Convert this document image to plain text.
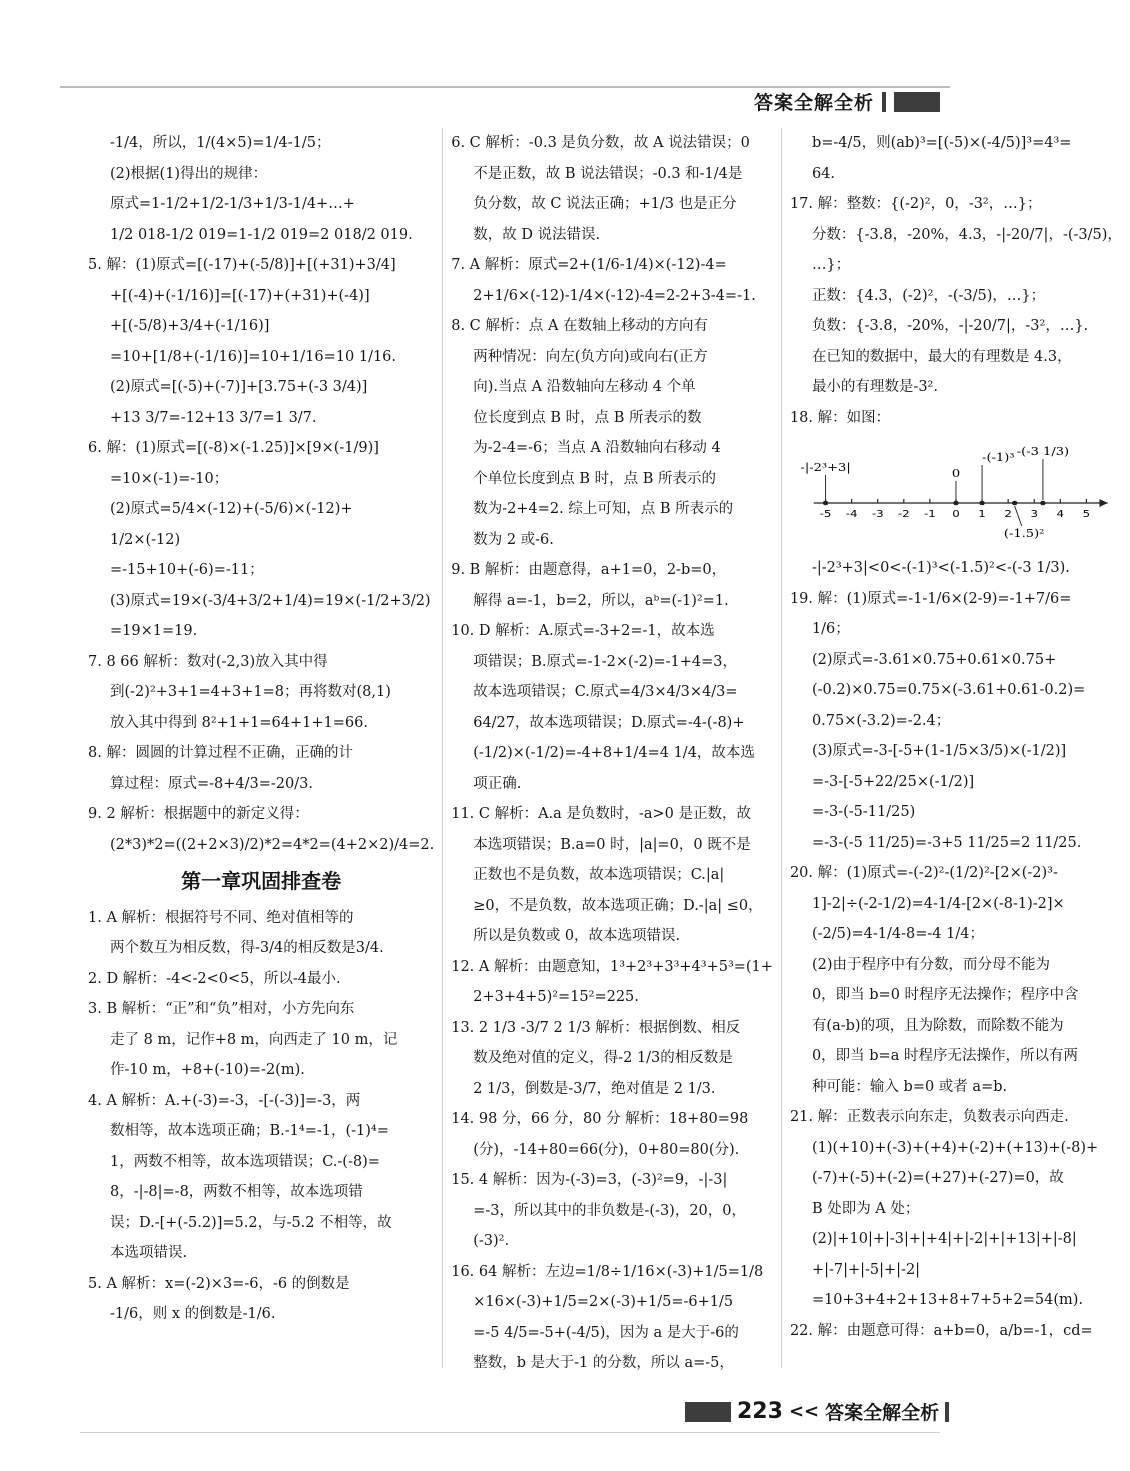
答案全解全析
-1/4，所以，1/(4×5)=1/4-1/5；
(2)根据(1)得出的规律：
原式=1-1/2+1/2-1/3+1/3-1/4+…+
1/2 018-1/2 019=1-1/2 019=2 018/2 019.
5. 解：(1)原式=[(-17)+(-5/8)]+[(+31)+3/4]
+[(-4)+(-1/16)]=[(-17)+(+31)+(-4)]
+[(-5/8)+3/4+(-1/16)]
=10+[1/8+(-1/16)]=10+1/16=10 1/16.
(2)原式=[(-5)+(-7)]+[3.75+(-3 3/4)]
+13 3/7=-12+13 3/7=1 3/7.
6. 解：(1)原式=[(-8)×(-1.25)]×[9×(-1/9)]
=10×(-1)=-10；
(2)原式=5/4×(-12)+(-5/6)×(-12)+
1/2×(-12)
=-15+10+(-6)=-11；
(3)原式=19×(-3/4+3/2+1/4)=19×(-1/2+3/2)
=19×1=19.
7. 8 66 解析：数对(-2,3)放入其中得
到(-2)²+3+1=4+3+1=8；再将数对(8,1)
放入其中得到 8²+1+1=64+1+1=66.
8. 解：圆圆的计算过程不正确，正确的计
算过程：原式=-8+4/3=-20/3.
9. 2 解析：根据题中的新定义得：
(2*3)*2=((2+2×3)/2)*2=4*2=(4+2×2)/4=2.
第一章巩固排查卷
1. A 解析：根据符号不同、绝对值相等的
两个数互为相反数，得-3/4的相反数是3/4.
2. D 解析：-4<-2<0<5，所以-4最小.
3. B 解析：“正”和“负”相对，小方先向东
走了 8 m，记作+8 m，向西走了 10 m，记
作-10 m，+8+(-10)=-2(m).
4. A 解析：A.+(-3)=-3，-[-(-3)]=-3，两
数相等，故本选项正确；B.-1⁴=-1，(-1)⁴=
1，两数不相等，故本选项错误；C.-(-8)=
8，-|-8|=-8，两数不相等，故本选项错
误；D.-[+(-5.2)]=5.2，与-5.2 不相等，故
本选项错误.
5. A 解析：x=(-2)×3=-6，-6 的倒数是
-1/6，则 x 的倒数是-1/6.
6. C 解析：-0.3 是负分数，故 A 说法错误；0
不是正数，故 B 说法错误；-0.3 和-1/4是
负分数，故 C 说法正确；+1/3 也是正分
数，故 D 说法错误.
7. A 解析：原式=2+(1/6-1/4)×(-12)-4=
2+1/6×(-12)-1/4×(-12)-4=2-2+3-4=-1.
8. C 解析：点 A 在数轴上移动的方向有
两种情况：向左(负方向)或向右(正方
向).当点 A 沿数轴向左移动 4 个单
位长度到点 B 时，点 B 所表示的数
为-2-4=-6；当点 A 沿数轴向右移动 4
个单位长度到点 B 时，点 B 所表示的
数为-2+4=2. 综上可知，点 B 所表示的
数为 2 或-6.
9. B 解析：由题意得，a+1=0，2-b=0，
解得 a=-1，b=2，所以，aᵇ=(-1)²=1.
10. D 解析：A.原式=-3+2=-1，故本选
项错误；B.原式=-1-2×(-2)=-1+4=3，
故本选项错误；C.原式=4/3×4/3×4/3=
64/27，故本选项错误；D.原式=-4-(-8)+
(-1/2)×(-1/2)=-4+8+1/4=4 1/4，故本选
项正确.
11. C 解析：A.a 是负数时，-a>0 是正数，故
本选项错误；B.a=0 时，|a|=0，0 既不是
正数也不是负数，故本选项错误；C.|a|
≥0，不是负数，故本选项正确；D.-|a| ≤0，
所以是负数或 0，故本选项错误.
12. A 解析：由题意知，1³+2³+3³+4³+5³=(1+
2+3+4+5)²=15²=225.
13. 2 1/3 -3/7 2 1/3 解析：根据倒数、相反
数及绝对值的定义，得-2 1/3的相反数是
2 1/3，倒数是-3/7，绝对值是 2 1/3.
14. 98 分，66 分，80 分 解析：18+80=98
(分)，-14+80=66(分)，0+80=80(分).
15. 4 解析：因为-(-3)=3，(-3)²=9，-|-3|
=-3，所以其中的非负数是-(-3)，20，0，
(-3)².
16. 64 解析：左边=1/8÷1/16×(-3)+1/5=1/8
×16×(-3)+1/5=2×(-3)+1/5=-6+1/5
=-5 4/5=-5+(-4/5)，因为 a 是大于-6的
整数，b 是大于-1 的分数，所以 a=-5，
b=-4/5，则(ab)³=[(-5)×(-4/5)]³=4³=
64.
17. 解：整数：{(-2)²，0，-3²，…}；
分数：{-3.8，-20%，4.3，-|-20/7|，-(-3/5)，
…}；
正数：{4.3，(-2)²，-(-3/5)，…}；
负数：{-3.8，-20%，-|-20/7|，-3²，…}.
在已知的数据中，最大的有理数是 4.3，
最小的有理数是-3².
18. 解：如图：
-5 -4 -3 -2 -1 0 1 2 3 4 5
-|-2³+3|	0
-(-1)³ -(-3 1/3)
(-1.5)²
-|-2³+3|<0<-(-1)³<(-1.5)²<-(-3 1/3).
19. 解：(1)原式=-1-1/6×(2-9)=-1+7/6=
1/6；
(2)原式=-3.61×0.75+0.61×0.75+
(-0.2)×0.75=0.75×(-3.61+0.61-0.2)=
0.75×(-3.2)=-2.4；
(3)原式=-3-[-5+(1-1/5×3/5)×(-1/2)]
=-3-[-5+22/25×(-1/2)]
=-3-(-5-11/25)
=-3-(-5 11/25)=-3+5 11/25=2 11/25.
20. 解：(1)原式=-(-2)²-(1/2)²-[2×(-2)³-
1]-2|÷(-2-1/2)=4-1/4-[2×(-8-1)-2]×
(-2/5)=4-1/4-8=-4 1/4；
(2)由于程序中有分数，而分母不能为
0，即当 b=0 时程序无法操作；程序中含
有(a-b)的项，且为除数，而除数不能为
0，即当 b=a 时程序无法操作，所以有两
种可能：输入 b=0 或者 a=b.
21. 解：正数表示向东走，负数表示向西走.
(1)(+10)+(-3)+(+4)+(-2)+(+13)+(-8)+
(-7)+(-5)+(-2)=(+27)+(-27)=0，故
B 处即为 A 处；
(2)|+10|+|-3|+|+4|+|-2|+|+13|+|-8|
+|-7|+|-5|+|-2|
=10+3+4+2+13+8+7+5+2=54(m).
22. 解：由题意可得：a+b=0，a/b=-1，cd=
223 << 答案全解全析
